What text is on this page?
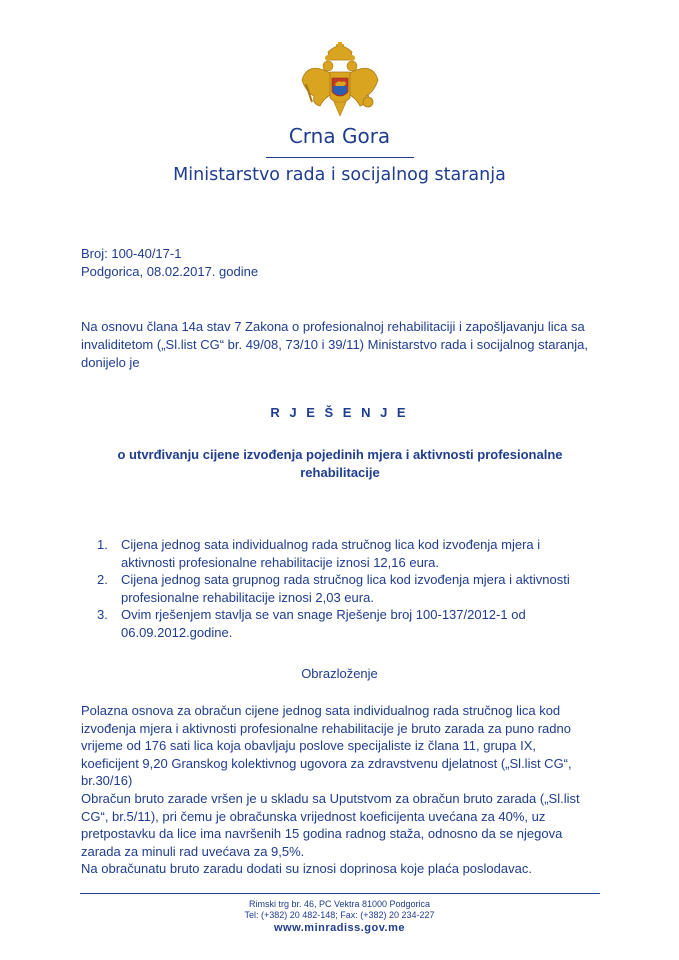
Crna Gora
Ministarstvo rada i socijalnog staranja
Broj: 100-40/17-1
Podgorica, 08.02.2017. godine
Na osnovu člana 14a stav 7 Zakona o profesionalnoj rehabilitaciji i zapošljavanju lica sa
invaliditetom („Sl.list CG“ br. 49/08, 73/10 i 39/11) Ministarstvo rada i socijalnog staranja,
donijelo je
R J E Š E N J E
o utvrđivanju cijene izvođenja pojedinih mjera i aktivnosti profesionalne
rehabilitacije
1. Cijena jednog sata individualnog rada stručnog lica kod izvođenja mjera i
aktivnosti profesionalne rehabilitacije iznosi 12,16 eura.
2. Cijena jednog sata grupnog rada stručnog lica kod izvođenja mjera i aktivnosti
profesionalne rehabilitacije iznosi 2,03 eura.
3. Ovim rješenjem stavlja se van snage Rješenje broj 100-137/2012-1 od
06.09.2012.godine.
Obrazloženje

Polazna osnova za obračun cijene jednog sata individualnog rada stručnog lica kod

izvođenja mjera i aktivnosti profesionalne rehabilitacije je bruto zarada za puno radno

vrijeme od 176 sati lica koja obavljaju poslove specijaliste iz člana 11, grupa IX,

koeficijent 9,20 Granskog kolektivnog ugovora za zdravstvenu djelatnost („Sl.list CG“,

br.30/16)

Obračun bruto zarade vršen je u skladu sa Uputstvom za obračun bruto zarada („Sl.list

CG“, br.5/11), pri čemu je obračunska vrijednost koeficijenta uvećana za 40%, uz

pretpostavku da lice ima navršenih 15 godina radnog staža, odnosno da se njegova

zarada za minuli rad uvećava za 9,5%.

Na obračunatu bruto zaradu dodati su iznosi doprinosa koje plaća poslodavac.

Rimski trg br. 46, PC Vektra 81000 Podgorica
Tel: (+382) 20 482-148; Fax: (+382) 20 234-227
www.minradiss.gov.me
